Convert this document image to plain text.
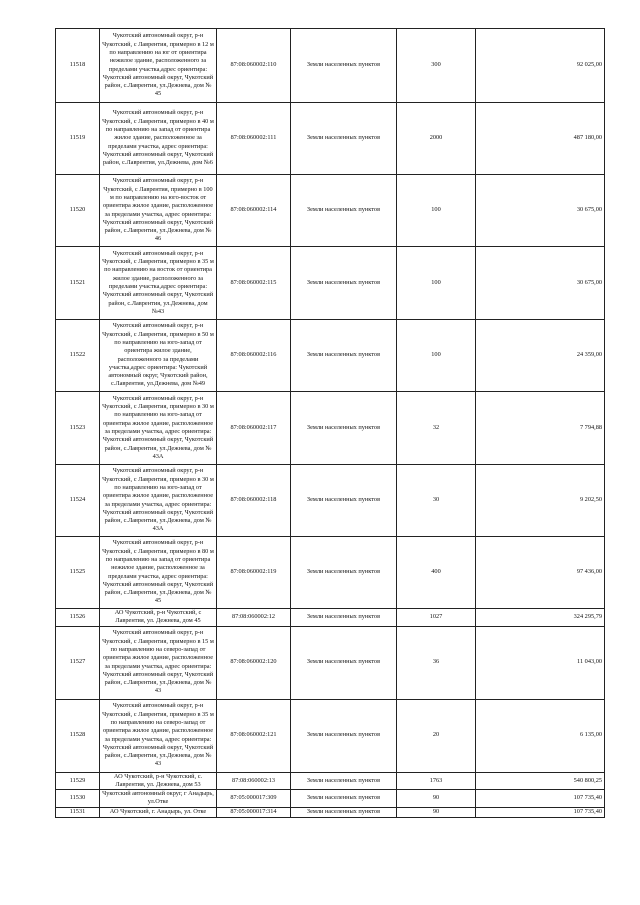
11518	Чукотский автономный округ, р-н Чукотский, с Лаврентия, примерно в 12 м по направлению на юг от ориентира нежилое здание, расположенного за пределами участка,адрес ориентира: Чукотский автономный округ, Чукотский район, с.Лаврентия, ул.Дежнева, дом № 45	87:08:060002:110	Земли населенных пунктов	300	92 025,00
11519	Чукотский автономный округ, р-н Чукотский, с Лаврентия, примерно в 40 м по направлению на запад от ориентира жилое здание, расположенное за пределами участка, адрес ориентира: Чукотский автономный округ, Чукотский район, с.Лаврентия, ул.Дежнева, дом №6	87:08:060002:111	Земли населенных пунктов	2000	487 180,00
11520	Чукотский автономный округ, р-н Чукотский, с Лаврентия, примерно в 100 м по направлению на юго-восток от ориентира жилое здание, расположенное за пределами участка, адрес ориентира: Чукотский автономный округ, Чукотский район, с.Лаврентия, ул.Дежнева, дом № 46	87:08:060002:114	Земли населенных пунктов	100	30 675,00
11521	Чукотский автономный округ, р-н Чукотский, с Лаврентия, примерно в 35 м по направлению на восток от ориентира жилое здание, расположенного за пределами участка,адрес ориентира: Чукотский автономный округ, Чукотский район, с.Лаврентия, ул.Дежнева, дом №43	87:08:060002:115	Земли населенных пунктов	100	30 675,00
11522	Чукотский автономный округ, р-н Чукотский, с Лаврентия, примерно в 50 м по направлению на юго-запад от ориентира жилое здание, расположенного за пределами участка,адрес ориентира: Чукотский автономный округ, Чукотский район, с.Лаврентия, ул.Дежнева, дом №49	87:08:060002:116	Земли населенных пунктов	100	24 359,00
11523	Чукотский автономный округ, р-н Чукотский, с Лаврентия, примерно в 30 м по направлению на юго-запад от ориентира жилое здание, расположенное за пределами участка, адрес ориентира: Чукотский автономный округ, Чукотский район, с.Лаврентия, ул.Дежнева, дом № 43А	87:08:060002:117	Земли населенных пунктов	32	7 794,88
11524	Чукотский автономный округ, р-н Чукотский, с Лаврентия, примерно в 30 м по направлению на юго-запад от ориентира жилое здание, расположенное за пределами участка, адрес ориентира: Чукотский автономный округ, Чукотский район, с.Лаврентия, ул.Дежнева, дом № 43А	87:08:060002:118	Земли населенных пунктов	30	9 202,50
11525	Чукотский автономный округ, р-н Чукотский, с Лаврентия, примерно в 80 м по направлению на запад от ориентира нежилое здание, расположенное за пределами участка, адрес ориентира: Чукотский автономный округ, Чукотский район, с.Лаврентия, ул.Дежнева, дом № 45	87:08:060002:119	Земли населенных пунктов	400	97 436,00
11526	АО Чукотский, р-н Чукотский, с Лаврентия, ул. Дежнева, дом 45	87:08:060002:12	Земли населенных пунктов	1027	324 295,79
11527	Чукотский автономный округ, р-н Чукотский, с Лаврентия, примерно в 15 м по направлению на северо-запад от ориентира жилое здание, расположенное за пределами участка, адрес ориентира: Чукотский автономный округ, Чукотский район, с.Лаврентия, ул.Дежнева, дом № 43	87:08:060002:120	Земли населенных пунктов	36	11 043,00
11528	Чукотский автономный округ, р-н Чукотский, с Лаврентия, примерно в 35 м по направлению на северо-запад от ориентира жилое здание, расположенное за пределами участка, адрес ориентира: Чукотский автономный округ, Чукотский район, с.Лаврентия, ул.Дежнева, дом № 43	87:08:060002:121	Земли населенных пунктов	20	6 135,00
11529	АО Чукотский, р-н Чукотский, с. Лаврентия, ул. Дежнева, дом 53	87:08:060002:13	Земли населенных пунктов	1763	540 800,25
11530	Чукотский автономный округ, г Анадырь, ул.Отке	87:05:000017:309	Земли населенных пунктов	90	107 735,40
11531	АО Чукотский, г. Анадырь, ул. Отке	87:05:000017:314	Земли населенных пунктов	90	107 735,40
